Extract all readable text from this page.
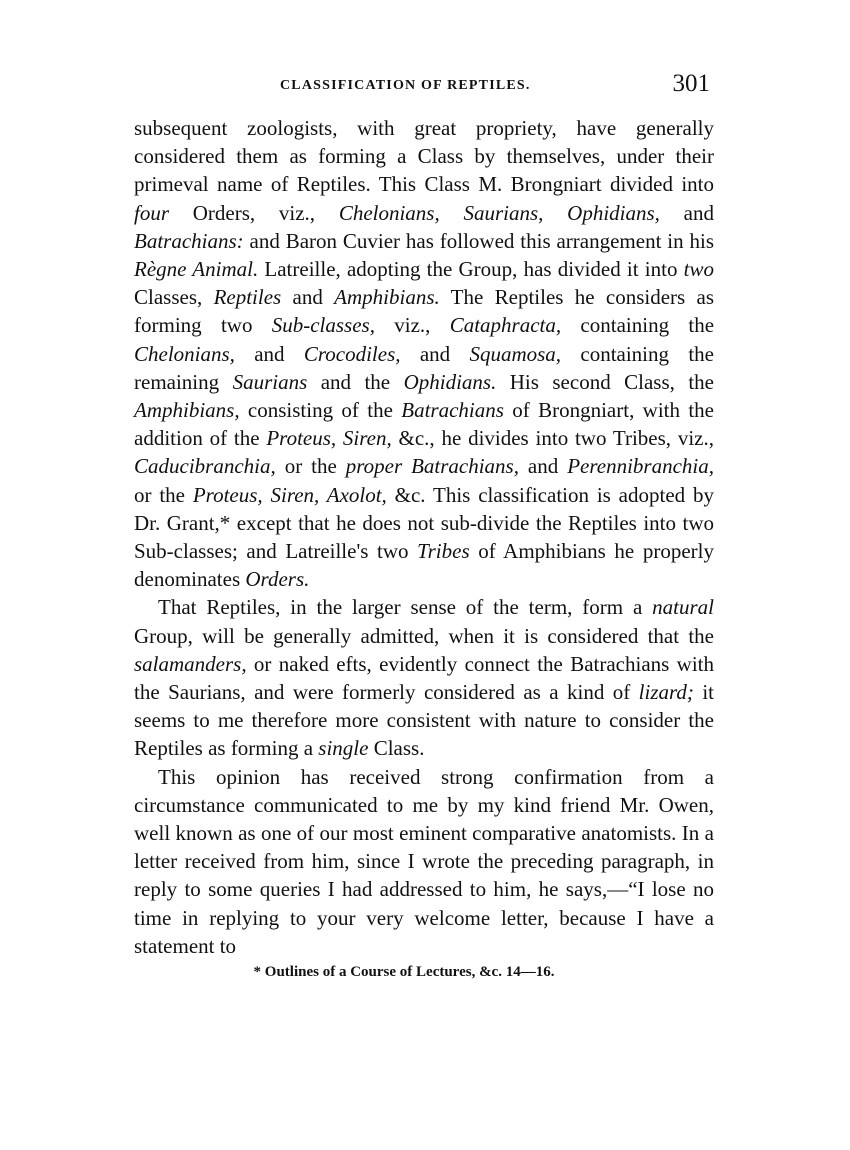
CLASSIFICATION OF REPTILES.	301

subsequent zoologists, with great propriety, have generally considered them as forming a Class by themselves, under their primeval name of Reptiles. This Class M. Brongniart divided into four Orders, viz., Chelonians, Saurians, Ophidians, and Batrachians: and Baron Cuvier has followed this arrangement in his Règne Animal. Latreille, adopting the Group, has divided it into two Classes, Reptiles and Amphibians. The Reptiles he considers as forming two Sub-classes, viz., Cataphracta, containing the Chelonians, and Crocodiles, and Squamosa, containing the remaining Saurians and the Ophidians. His second Class, the Amphibians, consisting of the Batrachians of Brongniart, with the addition of the Proteus, Siren, &c., he divides into two Tribes, viz., Caducibranchia, or the proper Batrachians, and Perennibranchia, or the Proteus, Siren, Axolot, &c. This classification is adopted by Dr. Grant,* except that he does not sub-divide the Reptiles into two Sub-classes; and Latreille's two Tribes of Amphibians he properly denominates Orders.

That Reptiles, in the larger sense of the term, form a natural Group, will be generally admitted, when it is considered that the salamanders, or naked efts, evidently connect the Batrachians with the Saurians, and were formerly considered as a kind of lizard; it seems to me therefore more consistent with nature to consider the Reptiles as forming a single Class.

This opinion has received strong confirmation from a circumstance communicated to me by my kind friend Mr. Owen, well known as one of our most eminent comparative anatomists. In a letter received from him, since I wrote the preceding paragraph, in reply to some queries I had addressed to him, he says,—“I lose no time in replying to your very welcome letter, because I have a statement to

* Outlines of a Course of Lectures, &c. 14—16.
